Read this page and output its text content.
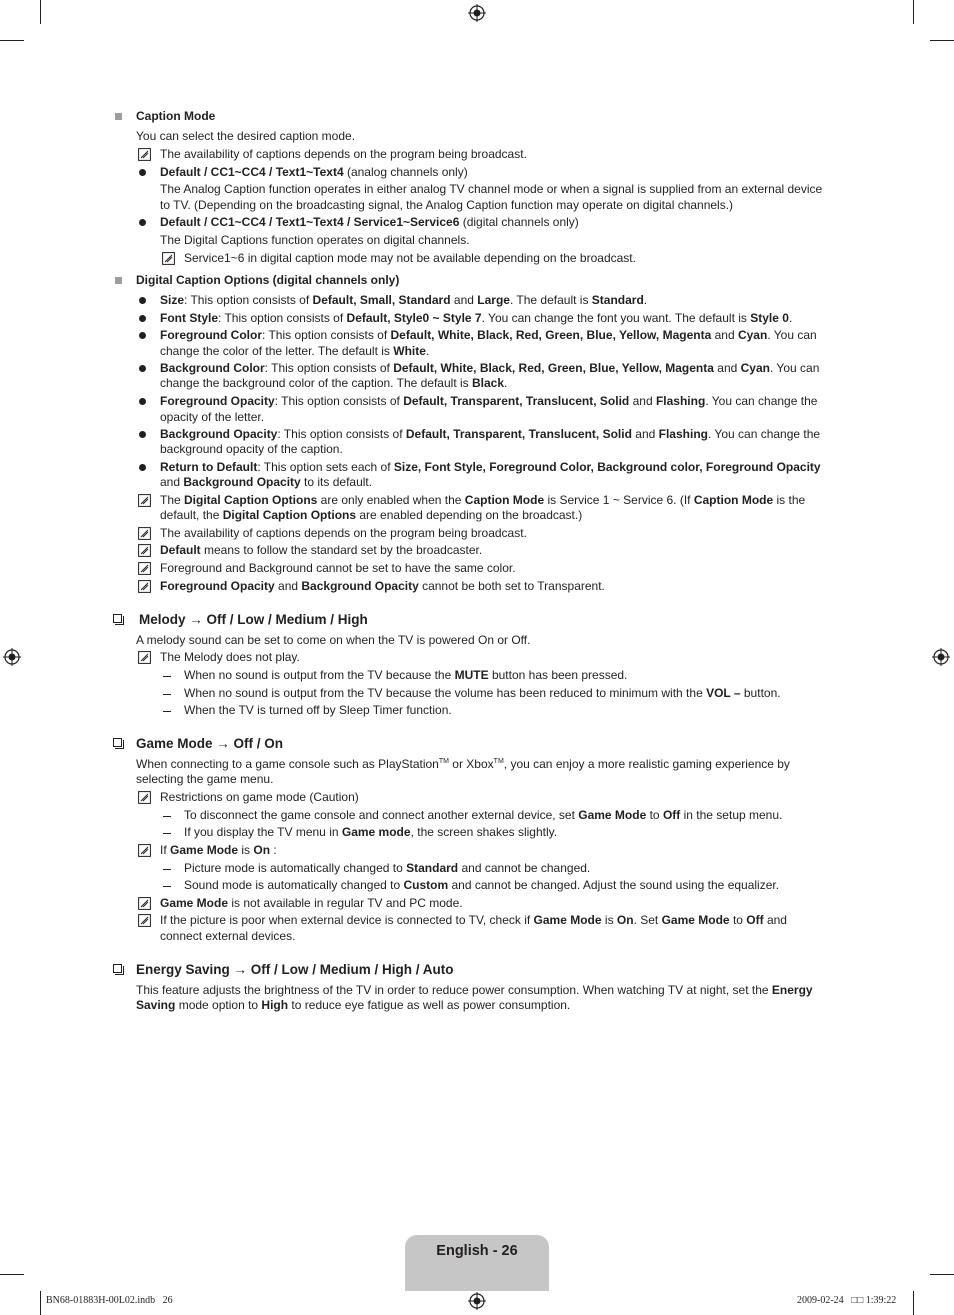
Caption Mode
You can select the desired caption mode.
The availability of captions depends on the program being broadcast.
Default / CC1~CC4 / Text1~Text4 (analog channels only)
The Analog Caption function operates in either analog TV channel mode or when a signal is supplied from an external device
to TV. (Depending on the broadcasting signal, the Analog Caption function may operate on digital channels.)
Default / CC1~CC4 / Text1~Text4 / Service1~Service6 (digital channels only)
The Digital Captions function operates on digital channels.
Service1~6 in digital caption mode may not be available depending on the broadcast.
Digital Caption Options (digital channels only)
Size: This option consists of Default, Small, Standard and Large. The default is Standard.
Font Style: This option consists of Default, Style0 ~ Style 7. You can change the font you want. The default is Style 0.
Foreground Color: This option consists of Default, White, Black, Red, Green, Blue, Yellow, Magenta and Cyan. You can
change the color of the letter. The default is White.
Background Color: This option consists of Default, White, Black, Red, Green, Blue, Yellow, Magenta and Cyan. You can
change the background color of the caption. The default is Black.
Foreground Opacity: This option consists of Default, Transparent, Translucent, Solid and Flashing. You can change the
opacity of the letter.
Background Opacity: This option consists of Default, Transparent, Translucent, Solid and Flashing. You can change the
background opacity of the caption.
Return to Default: This option sets each of Size, Font Style, Foreground Color, Background color, Foreground Opacity
and Background Opacity to its default.
The Digital Caption Options are only enabled when the Caption Mode is Service 1 ~ Service 6. (If Caption Mode is the
default, the Digital Caption Options are enabled depending on the broadcast.)
The availability of captions depends on the program being broadcast.
Default means to follow the standard set by the broadcaster.
Foreground and Background cannot be set to have the same color.
Foreground Opacity and Background Opacity cannot be both set to Transparent.
Melody → Off / Low / Medium / High
A melody sound can be set to come on when the TV is powered On or Off.
The Melody does not play.
When no sound is output from the TV because the MUTE button has been pressed.
When no sound is output from the TV because the volume has been reduced to minimum with the VOL – button.
When the TV is turned off by Sleep Timer function.
Game Mode → Off / On
When connecting to a game console such as PlayStation™ or Xbox™, you can enjoy a more realistic gaming experience by
selecting the game menu.
Restrictions on game mode (Caution)
To disconnect the game console and connect another external device, set Game Mode to Off in the setup menu.
If you display the TV menu in Game mode, the screen shakes slightly.
If Game Mode is On :
Picture mode is automatically changed to Standard and cannot be changed.
Sound mode is automatically changed to Custom and cannot be changed. Adjust the sound using the equalizer.
Game Mode is not available in regular TV and PC mode.
If the picture is poor when external device is connected to TV, check if Game Mode is On. Set Game Mode to Off and
connect external devices.
Energy Saving → Off / Low / Medium / High / Auto
This feature adjusts the brightness of the TV in order to reduce power consumption. When watching TV at night, set the Energy
Saving mode option to High to reduce eye fatigue as well as power consumption.
English - 26
BN68-01883H-00L02.indb   26	2009-02-24   □□ 1:39:22
